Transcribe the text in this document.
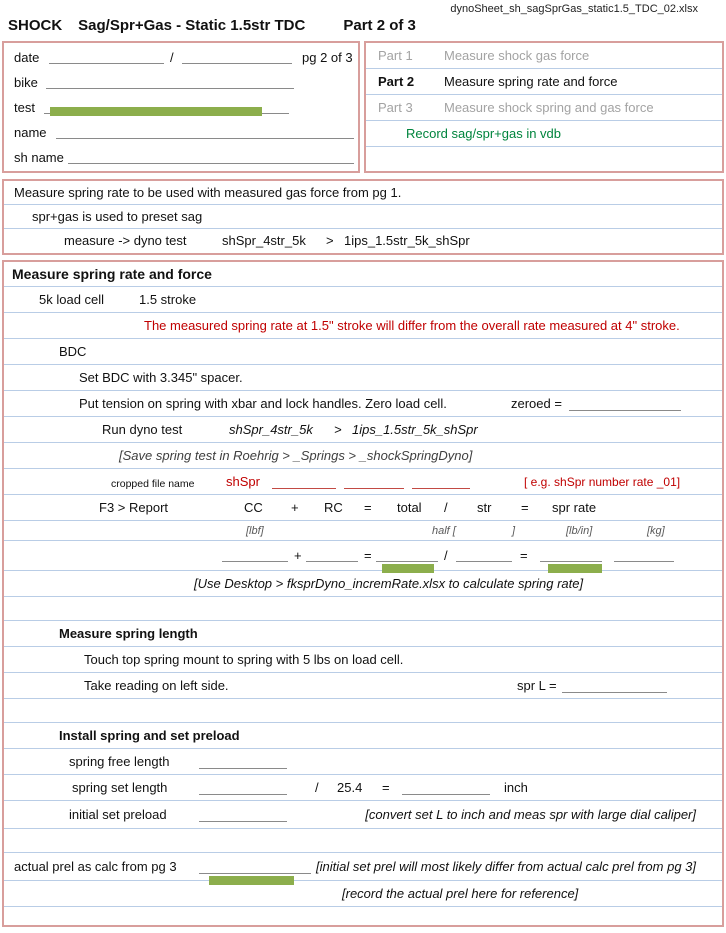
dynoSheet_sh_sagSprGas_static1.5_TDC_02.xlsx
SHOCK Sag/Spr+Gas - Static 1.5str TDC	Part 2 of 3
date	/	pg 2 of 3
bike
test
name
sh name
Part 1 Measure shock gas force
Part 2 Measure spring rate and force
Part 3 Measure shock spring and gas force
Record sag/spr+gas in vdb
Measure spring rate to be used with measured gas force from pg 1.
spr+gas is used to preset sag
measure -> dyno test	shSpr_4str_5k > 1ips_1.5str_5k_shSpr
Measure spring rate and force
5k load cell	1.5 stroke
The measured spring rate at 1.5" stroke will differ from the overall rate measured at 4" stroke.
BDC
Set BDC with 3.345" spacer.
Put tension on spring with xbar and lock handles. Zero load cell.	zeroed =
Run dyno test	shSpr_4str_5k > 1ips_1.5str_5k_shSpr
[Save spring test in Roehrig > _Springs > _shockSpringDyno]
cropped file name shSpr	[ e.g. shSpr number rate _01]
F3 > Report	CC + RC = total / str = spr rate
[lbf]	half [	]	[lb/in]	[kg]
+	=	/	=
[Use Desktop > fksprDyno_incremRate.xlsx to calculate spring rate]
Measure spring length
Touch top spring mount to spring with 5 lbs on load cell.
Take reading on left side.	spr L =
Install spring and set preload
spring free length
spring set length	/ 25.4 =	inch
initial set preload	[convert set L to inch and meas spr with large dial caliper]
actual prel as calc from pg 3	[initial set prel will most likely differ from actual calc prel from pg 3]
[record the actual prel here for reference]
